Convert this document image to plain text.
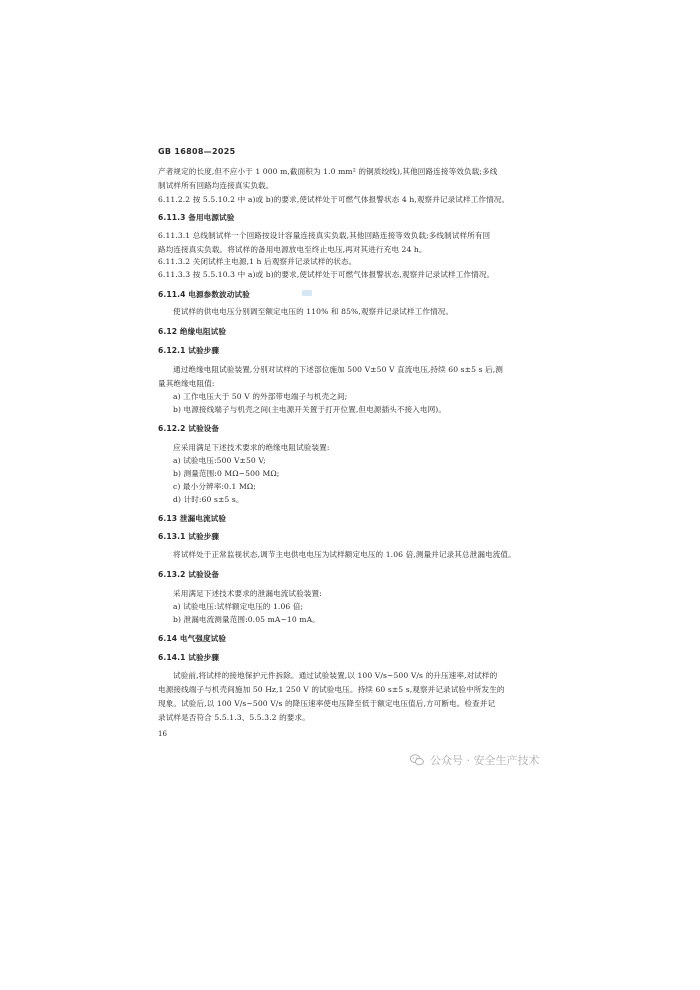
GB 16808—2025
产者规定的长度,但不应小于 1 000 m,截面积为 1.0 mm² 的铜质绞线),其他回路连接等效负载;多线
制试样所有回路均连接真实负载。
6.11.2.2 按 5.5.10.2 中 a)或 b)的要求,使试样处于可燃气体报警状态 4 h,观察并记录试样工作情况。
6.11.3 备用电源试验
6.11.3.1 总线制试样一个回路按设计容量连接真实负载,其他回路连接等效负载;多线制试样所有回
路均连接真实负载。将试样的备用电源放电至终止电压,再对其进行充电 24 h。
6.11.3.2 关闭试样主电源,1 h 后观察并记录试样的状态。
6.11.3.3 按 5.5.10.3 中 a)或 b)的要求,使试样处于可燃气体报警状态,观察并记录试样工作情况。
6.11.4 电源参数波动试验
使试样的供电电压分别调至额定电压的 110% 和 85%,观察并记录试样工作情况。
6.12 绝缘电阻试验
6.12.1 试验步骤
通过绝缘电阻试验装置,分别对试样的下述部位施加 500 V±50 V 直流电压,持续 60 s±5 s 后,测
量其绝缘电阻值:
a) 工作电压大于 50 V 的外部带电端子与机壳之间;
b) 电源接线端子与机壳之间(主电源开关置于打开位置,但电源插头不接入电网)。
6.12.2 试验设备
应采用满足下述技术要求的绝缘电阻试验装置:
a) 试验电压:500 V±50 V;
b) 测量范围:0 MΩ~500 MΩ;
c) 最小分辨率:0.1 MΩ;
d) 计时:60 s±5 s。
6.13 泄漏电流试验
6.13.1 试验步骤
将试样处于正常监视状态,调节主电供电电压为试样额定电压的 1.06 倍,测量并记录其总泄漏电流值。
6.13.2 试验设备
采用满足下述技术要求的泄漏电流试验装置:
a) 试验电压:试样额定电压的 1.06 倍;
b) 泄漏电流测量范围:0.05 mA~10 mA。
6.14 电气强度试验
6.14.1 试验步骤
试验前,将试样的接地保护元件拆除。通过试验装置,以 100 V/s~500 V/s 的升压速率,对试样的
电源接线端子与机壳间施加 50 Hz,1 250 V 的试验电压。持续 60 s±5 s,观察并记录试验中所发生的
现象。试验后,以 100 V/s~500 V/s 的降压速率使电压降至低于额定电压值后,方可断电。检查并记
录试样是否符合 5.5.1.3、5.5.3.2 的要求。
16
公众号 · 安全生产技术
